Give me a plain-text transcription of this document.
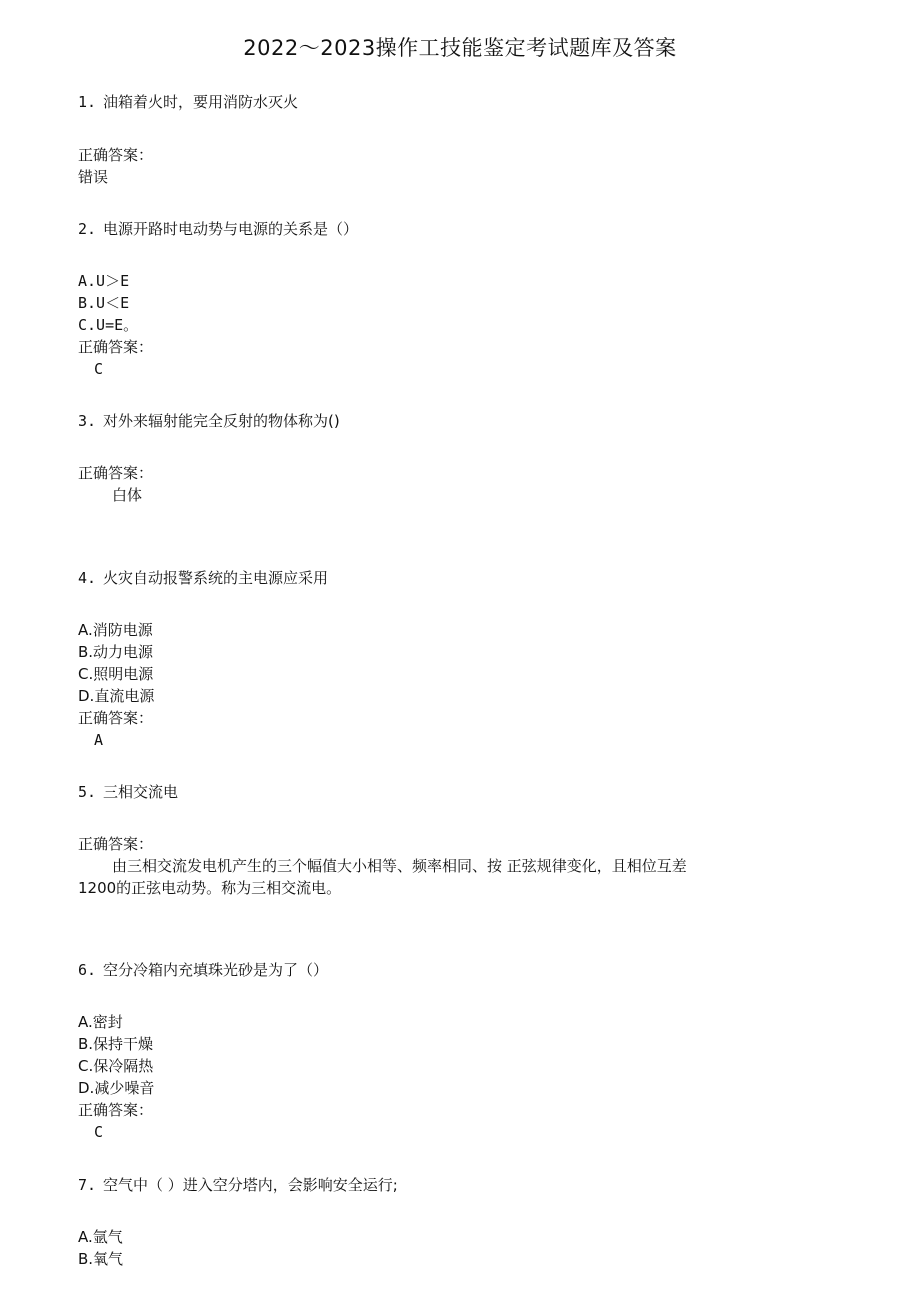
2022～2023操作工技能鉴定考试题库及答案
1. 油箱着火时，要用消防水灭火
正确答案：
错误
2. 电源开路时电动势与电源的关系是（）
A.U＞E
B.U＜E
C.U=E。
正确答案：
C
3. 对外来辐射能完全反射的物体称为()
正确答案：
白体
4. 火灾自动报警系统的主电源应采用
A.消防电源
B.动力电源
C.照明电源
D.直流电源
正确答案：
A
5. 三相交流电
正确答案：
由三相交流发电机产生的三个幅值大小相等、频率相同、按 正弦规律变化，且相位互差
1200的正弦电动势。称为三相交流电。
6. 空分冷箱内充填珠光砂是为了（）
A.密封
B.保持干燥
C.保冷隔热
D.减少噪音
正确答案：
C
7. 空气中（ ）进入空分塔内，会影响安全运行;
A.氩气
B.氧气
